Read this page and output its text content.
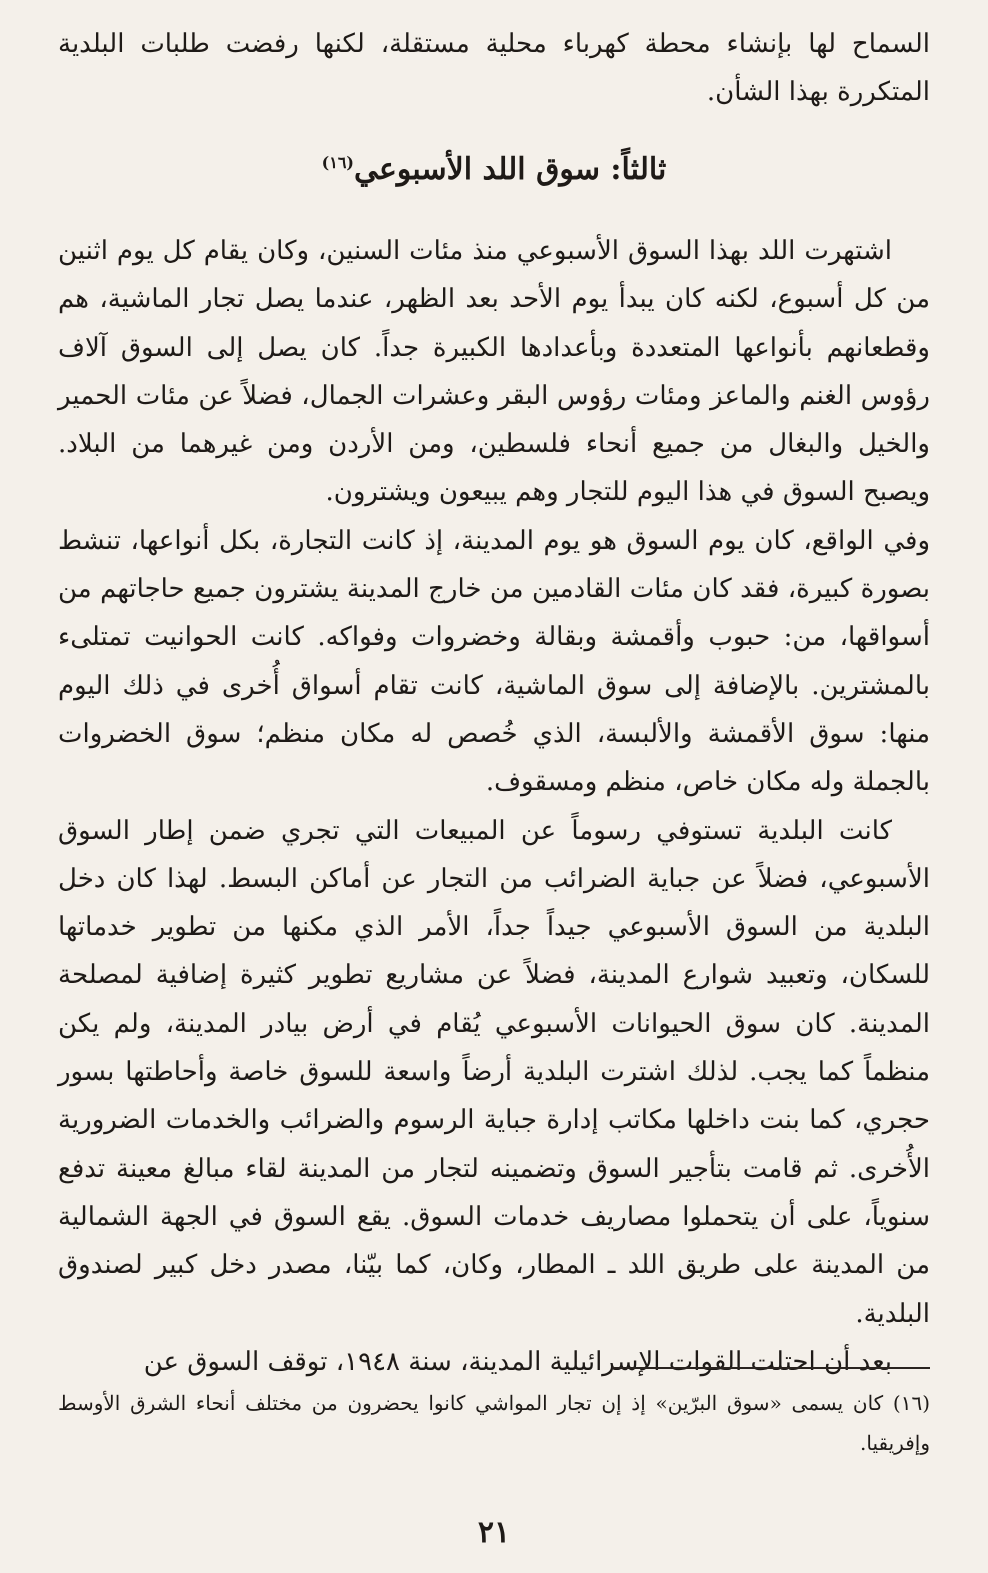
السماح لها بإنشاء محطة كهرباء محلية مستقلة، لكنها رفضت طلبات البلدية المتكررة بهذا الشأن.

ثالثاً: سوق اللد الأسبوعي$^{(١٦)}$

اشتهرت اللد بهذا السوق الأسبوعي منذ مئات السنين، وكان يقام كل يوم اثنين من كل أسبوع، لكنه كان يبدأ يوم الأحد بعد الظهر، عندما يصل تجار الماشية، هم وقطعانهم بأنواعها المتعددة وبأعدادها الكبيرة جداً. كان يصل إلى السوق آلاف رؤوس الغنم والماعز ومئات رؤوس البقر وعشرات الجمال، فضلاً عن مئات الحمير والخيل والبغال من جميع أنحاء فلسطين، ومن الأردن ومن غيرهما من البلاد. ويصبح السوق في هذا اليوم للتجار وهم يبيعون ويشترون.

وفي الواقع، كان يوم السوق هو يوم المدينة، إذ كانت التجارة، بكل أنواعها، تنشط بصورة كبيرة، فقد كان مئات القادمين من خارج المدينة يشترون جميع حاجاتهم من أسواقها، من: حبوب وأقمشة وبقالة وخضروات وفواكه. كانت الحوانيت تمتلىء بالمشترين. بالإضافة إلى سوق الماشية، كانت تقام أسواق أُخرى في ذلك اليوم منها: سوق الأقمشة والألبسة، الذي خُصص له مكان منظم؛ سوق الخضروات بالجملة وله مكان خاص، منظم ومسقوف.

كانت البلدية تستوفي رسوماً عن المبيعات التي تجري ضمن إطار السوق الأسبوعي، فضلاً عن جباية الضرائب من التجار عن أماكن البسط. لهذا كان دخل البلدية من السوق الأسبوعي جيداً جداً، الأمر الذي مكنها من تطوير خدماتها للسكان، وتعبيد شوارع المدينة، فضلاً عن مشاريع تطوير كثيرة إضافية لمصلحة المدينة. كان سوق الحيوانات الأسبوعي يُقام في أرض بيادر المدينة، ولم يكن منظماً كما يجب. لذلك اشترت البلدية أرضاً واسعة للسوق خاصة وأحاطتها بسور حجري، كما بنت داخلها مكاتب إدارة جباية الرسوم والضرائب والخدمات الضرورية الأُخرى. ثم قامت بتأجير السوق وتضمينه لتجار من المدينة لقاء مبالغ معينة تدفع سنوياً، على أن يتحملوا مصاريف خدمات السوق. يقع السوق في الجهة الشمالية من المدينة على طريق اللد ـ المطار، وكان، كما بيّنا، مصدر دخل كبير لصندوق البلدية.

بعد أن احتلت القوات الإسرائيلية المدينة، سنة ١٩٤٨، توقف السوق عن

(١٦) كان يسمى «سوق البرّين» إذ إن تجار المواشي كانوا يحضرون من مختلف أنحاء الشرق الأوسط وإفريقيا.
٢١
